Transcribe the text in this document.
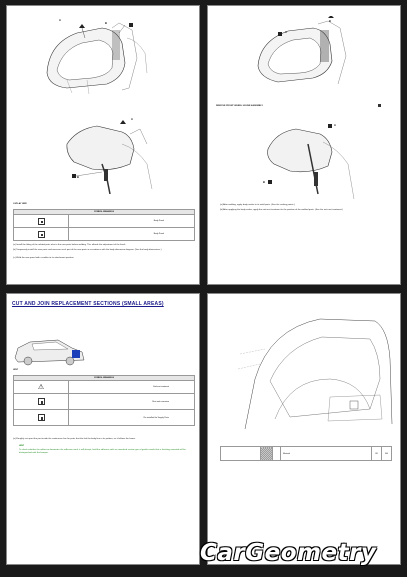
A
B
A
B
I-SPLAY HER
SYMBOL MEANINGS	
	Body Panel
	Body Panel
(a) Install the fitting of the related parts also to the new parts before welding. This affords the adjustment of the finish.
(b) Temporarily install the new parts and measure each part of the new parts in accordance with the body dimension diagram. (See the body dimensions.)
(c) Weld the new panel with a welder to its attachment position.
A
B
REMOVE FRONT WHEEL HOUSE ASSEMBLY
A
B
(a) After welding, apply body sealer to its weld parts. (See the sealing points.)
(b) After applying the body sealer, apply the anti-rust treatment to the position of the welded parts. (See the anti-rust treatment.)
CUT AND JOIN REPLACEMENT SECTIONS (SMALL AREAS)
HINT
SYMBOL MEANINGS	
⚠	Surface treatment
	Rust anti-corrosion
	Re-installed for Supply Parts
(a) Roughly cut apart the part inside the continuous line for parts that the link the body line in its pattern, as it follows the frame.
HINT
To check whether the adhesive dominates the adhesive work, it will disrupt, hold the adhesive with an unworked section gun of gentle nozzle that is finishing mounted will be distinguished with the bumper.
				Material	OK	NG
CarGeometry
